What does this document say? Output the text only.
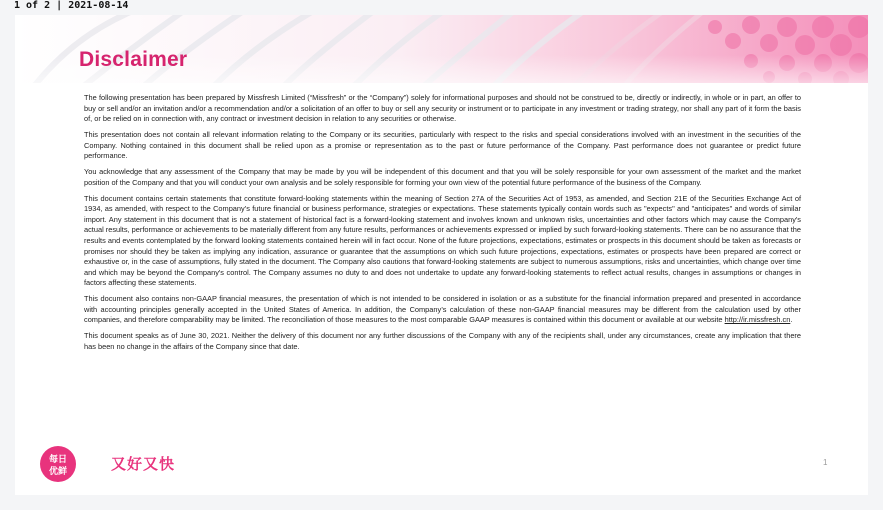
1 of 2 | 2021-08-14
Disclaimer

The following presentation has been prepared by Missfresh Limited (“Missfresh” or the “Company”) solely for informational purposes and should not be construed to be, directly or indirectly, in whole or in part, an offer to buy or sell and/or an invitation and/or a recommendation and/or a solicitation of an offer to buy or sell any security or instrument or to participate in any investment or trading strategy, nor shall any part of it form the basis of, or be relied on in connection with, any contract or investment decision in relation to any securities or otherwise.

This presentation does not contain all relevant information relating to the Company or its securities, particularly with respect to the risks and special considerations involved with an investment in the securities of the Company. Nothing contained in this document shall be relied upon as a promise or representation as to the past or future performance of the Company. Past performance does not guarantee or predict future performance.

You acknowledge that any assessment of the Company that may be made by you will be independent of this document and that you will be solely responsible for your own assessment of the market and the market position of the Company and that you will conduct your own analysis and be solely responsible for forming your own view of the potential future performance of the business of the Company.

This document contains certain statements that constitute forward-looking statements within the meaning of Section 27A of the Securities Act of 1953, as amended, and Section 21E of the Securities Exchange Act of 1934, as amended, with respect to the Company’s future financial or business performance, strategies or expectations. These statements typically contain words such as "expects" and "anticipates" and words of similar import. Any statement in this document that is not a statement of historical fact is a forward-looking statement and involves known and unknown risks, uncertainties and other factors which may cause the Company's actual results, performance or achievements to be materially different from any future results, performances or achievements expressed or implied by such forward-looking statements. There can be no assurance that the results and events contemplated by the forward looking statements contained herein will in fact occur. None of the future projections, expectations, estimates or prospects in this document should be taken as forecasts or promises nor should they be taken as implying any indication, assurance or guarantee that the assumptions on which such future projections, expectations, estimates or prospects have been prepared are correct or exhaustive or, in the case of assumptions, fully stated in the document. The Company also cautions that forward-looking statements are subject to numerous assumptions, risks and uncertainties, which change over time and which may be beyond the Company's control. The Company assumes no duty to and does not undertake to update any forward-looking statements to reflect actual results, changes in assumptions or changes in factors affecting these statements.

This document also contains non-GAAP financial measures, the presentation of which is not intended to be considered in isolation or as a substitute for the financial information prepared and presented in accordance with accounting principles generally accepted in the United States of America. In addition, the Company’s calculation of these non-GAAP financial measures may be different from the calculation used by other companies, and therefore comparability may be limited. The reconciliation of those measures to the most comparable GAAP measures is contained within this document or available at our website http://ir.missfresh.cn.

This document speaks as of June 30, 2021. Neither the delivery of this document nor any further discussions of the Company with any of the recipients shall, under any circumstances, create any implication that there has been no change in the affairs of the Company since that date.

每日
优鲜	又好又快	1
